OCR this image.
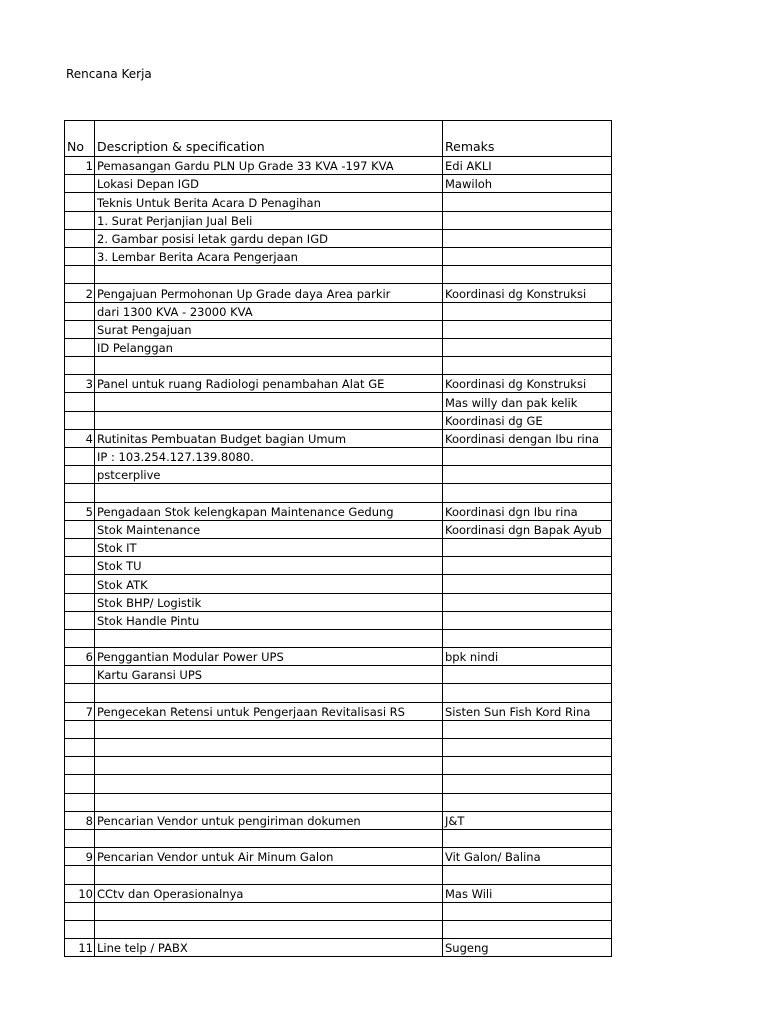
Rencana Kerja
No	Description & specification	Remaks
1	Pemasangan Gardu PLN Up Grade 33 KVA -197 KVA	Edi AKLI
	Lokasi Depan IGD	Mawiloh
	Teknis Untuk Berita Acara D Penagihan	
	1. Surat Perjanjian Jual Beli	
	2. Gambar posisi letak gardu depan IGD	
	3. Lembar Berita Acara Pengerjaan	

2	Pengajuan Permohonan Up Grade daya Area parkir	Koordinasi dg Konstruksi
	dari 1300 KVA - 23000 KVA	
	Surat Pengajuan	
	ID Pelanggan	

3	Panel untuk ruang Radiologi penambahan Alat GE	Koordinasi dg Konstruksi
		Mas willy dan pak kelik
		Koordinasi dg GE
4	Rutinitas Pembuatan Budget bagian Umum	Koordinasi dengan Ibu rina
	IP : 103.254.127.139.8080.	
	pstcerplive	

5	Pengadaan Stok kelengkapan Maintenance Gedung	Koordinasi dgn Ibu rina
	Stok Maintenance	Koordinasi dgn Bapak Ayub
	Stok IT	
	Stok TU	
	Stok ATK	
	Stok BHP/ Logistik	
	Stok Handle Pintu	

6	Penggantian Modular Power UPS	bpk nindi
	Kartu Garansi UPS	

7	Pengecekan Retensi untuk Pengerjaan Revitalisasi RS	Sisten Sun Fish Kord Rina

8	Pencarian Vendor untuk pengiriman dokumen	J&T

9	Pencarian Vendor untuk Air Minum Galon	Vit Galon/ Balina

10	CCtv dan Operasionalnya	Mas Wili

11	Line telp / PABX	Sugeng
